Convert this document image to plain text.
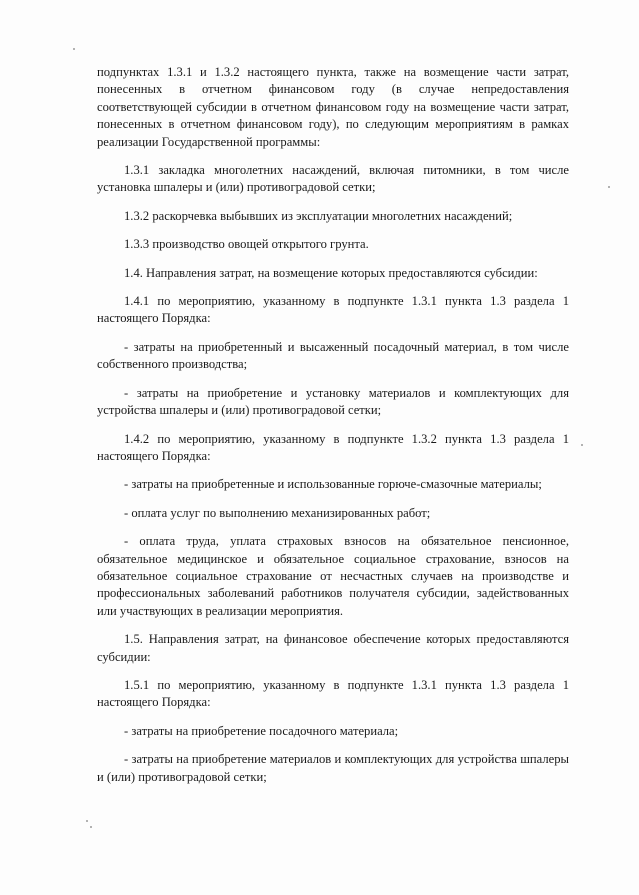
подпунктах 1.3.1 и 1.3.2 настоящего пункта, также на возмещение части затрат, понесенных в отчетном финансовом году (в случае непредоставления соответствующей субсидии в отчетном финансовом году на возмещение части затрат, понесенных в отчетном финансовом году), по следующим мероприятиям в рамках реализации Государственной программы:

1.3.1 закладка многолетних насаждений, включая питомники, в том числе установка шпалеры и (или) противоградовой сетки;

1.3.2 раскорчевка выбывших из эксплуатации многолетних насаждений;

1.3.3 производство овощей открытого грунта.

1.4. Направления затрат, на возмещение которых предоставляются субсидии:

1.4.1 по мероприятию, указанному в подпункте 1.3.1 пункта 1.3 раздела 1 настоящего Порядка:

- затраты на приобретенный и высаженный посадочный материал, в том числе собственного производства;

- затраты на приобретение и установку материалов и комплектующих для устройства шпалеры и (или) противоградовой сетки;

1.4.2 по мероприятию, указанному в подпункте 1.3.2 пункта 1.3 раздела 1 настоящего Порядка:

- затраты на приобретенные и использованные горюче-смазочные материалы;

- оплата услуг по выполнению механизированных работ;

- оплата труда, уплата страховых взносов на обязательное пенсионное, обязательное медицинское и обязательное социальное страхование, взносов на обязательное социальное страхование от несчастных случаев на производстве и профессиональных заболеваний работников получателя субсидии, задействованных или участвующих в реализации мероприятия.

1.5. Направления затрат, на финансовое обеспечение которых предоставляются субсидии:

1.5.1 по мероприятию, указанному в подпункте 1.3.1 пункта 1.3 раздела 1 настоящего Порядка:

- затраты на приобретение посадочного материала;

- затраты на приобретение материалов и комплектующих для устройства шпалеры и (или) противоградовой сетки;
